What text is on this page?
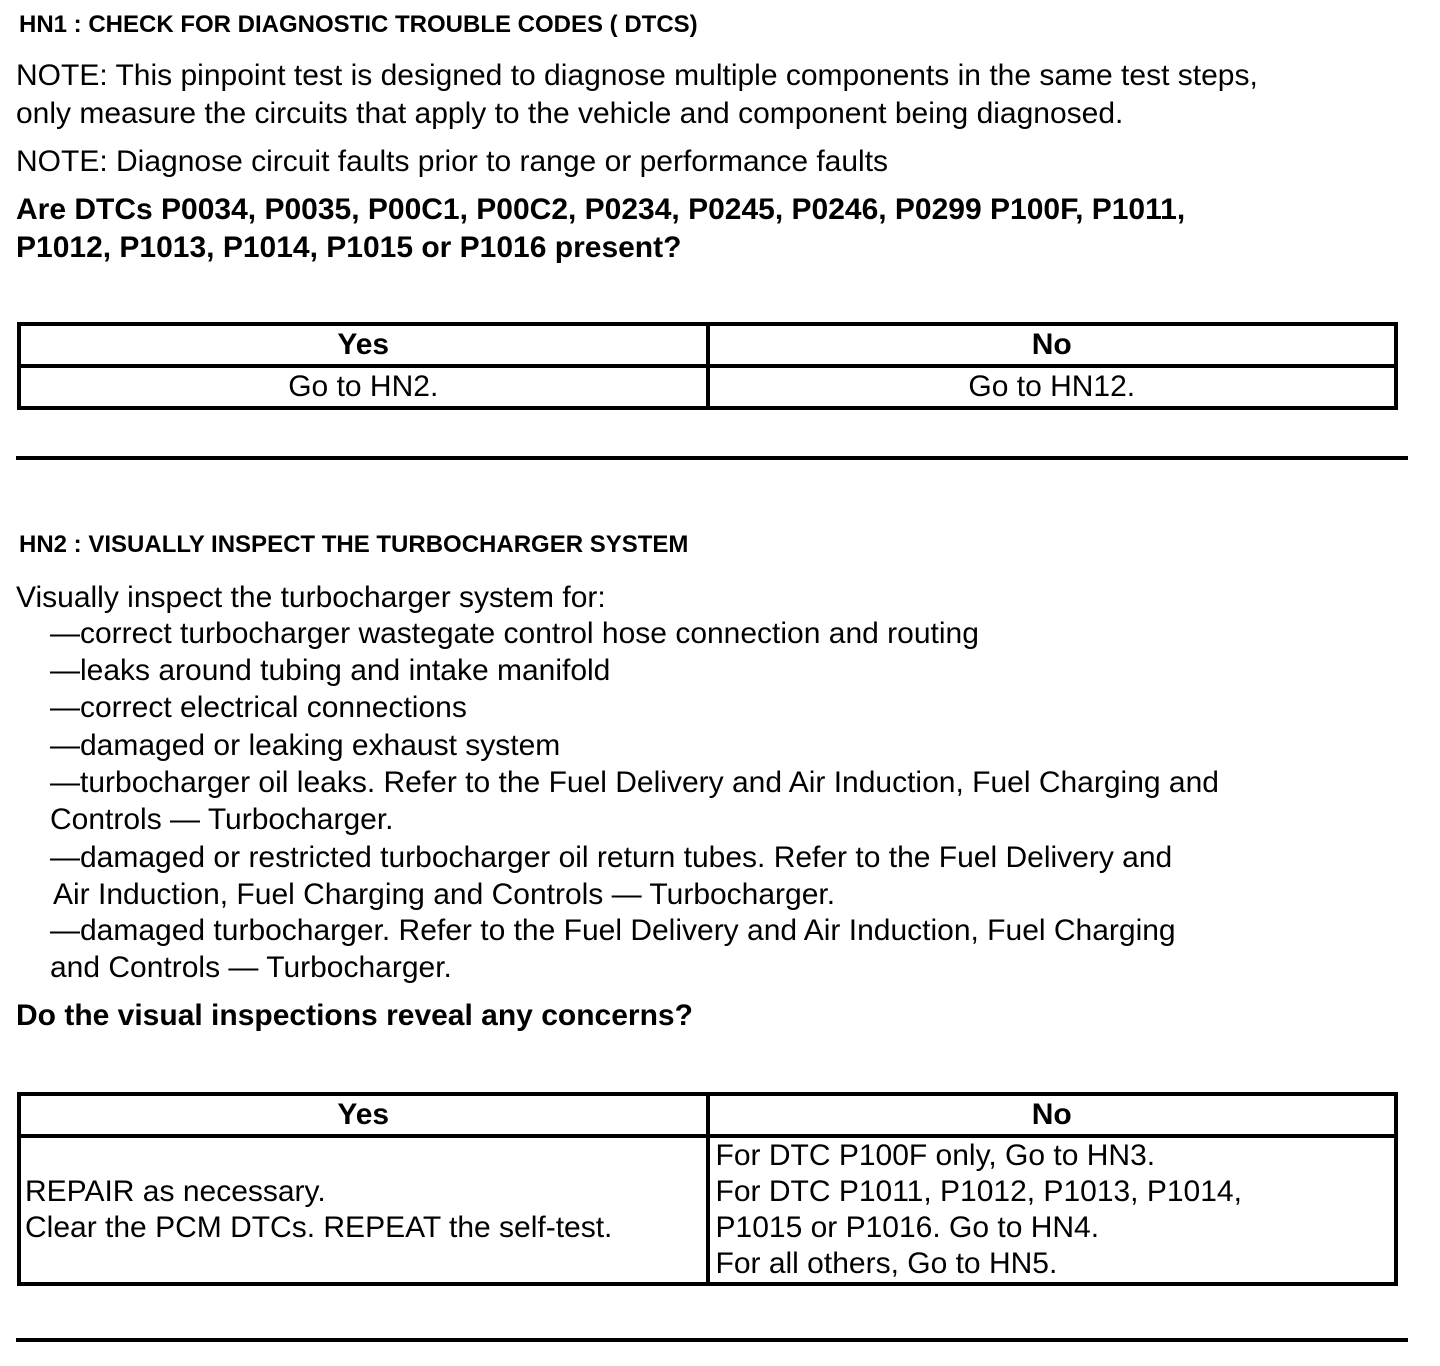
HN1 : CHECK FOR DIAGNOSTIC TROUBLE CODES ( DTCS)
NOTE: This pinpoint test is designed to diagnose multiple components in the same test steps,
only measure the circuits that apply to the vehicle and component being diagnosed.
NOTE: Diagnose circuit faults prior to range or performance faults
Are DTCs P0034, P0035, P00C1, P00C2, P0234, P0245, P0246, P0299 P100F, P1011,
P1012, P1013, P1014, P1015 or P1016 present?
Yes	No
Go to HN2.	Go to HN12.
HN2 : VISUALLY INSPECT THE TURBOCHARGER SYSTEM
Visually inspect the turbocharger system for:
—correct turbocharger wastegate control hose connection and routing
—leaks around tubing and intake manifold
—correct electrical connections
—damaged or leaking exhaust system
—turbocharger oil leaks. Refer to the Fuel Delivery and Air Induction, Fuel Charging and
Controls — Turbocharger.
—damaged or restricted turbocharger oil return tubes. Refer to the Fuel Delivery and
Air Induction, Fuel Charging and Controls — Turbocharger.
—damaged turbocharger. Refer to the Fuel Delivery and Air Induction, Fuel Charging
and Controls — Turbocharger.
Do the visual inspections reveal any concerns?
Yes	No

REPAIR as necessary.
Clear the PCM DTCs. REPEAT the self-test.	For DTC P100F only, Go to HN3.
For DTC P1011, P1012, P1013, P1014,
P1015 or P1016. Go to HN4.
For all others, Go to HN5.
